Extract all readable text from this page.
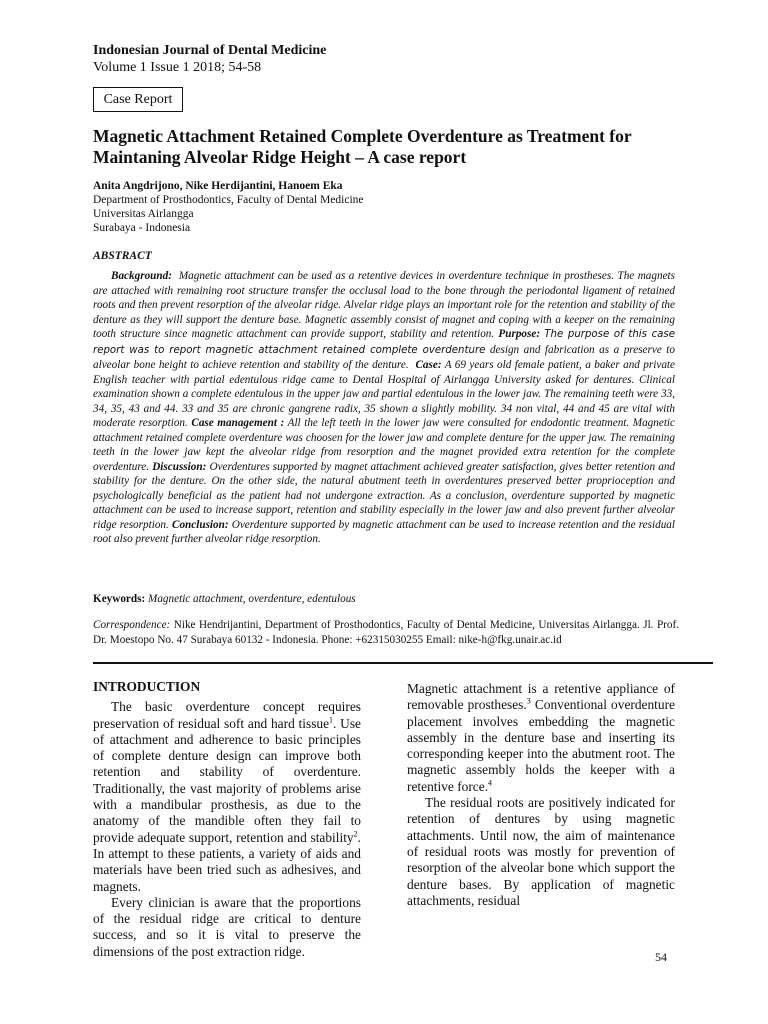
Indonesian Journal of Dental Medicine
Volume 1 Issue 1 2018; 54-58
Case Report
Magnetic Attachment Retained Complete Overdenture as Treatment for Maintaning Alveolar Ridge Height – A case report
Anita Angdrijono, Nike Herdijantini, Hanoem Eka
Department of Prosthodontics, Faculty of Dental Medicine
Universitas Airlangga
Surabaya - Indonesia
ABSTRACT
Background: Magnetic attachment can be used as a retentive devices in overdenture technique in prostheses. The magnets are attached with remaining root structure transfer the occlusal load to the bone through the periodontal ligament of retained roots and then prevent resorption of the alveolar ridge. Alvelar ridge plays an important role for the retention and stability of the denture as they will support the denture base. Magnetic assembly consist of magnet and coping with a keeper on the remaining tooth structure since magnetic attachment can provide support, stability and retention. Purpose: The purpose of this case report was to report magnetic attachment retained complete overdenture design and fabrication as a preserve to alveolar bone height to achieve retention and stability of the denture. Case: A 69 years old female patient, a baker and private English teacher with partial edentulous ridge came to Dental Hospital of Airlangga University asked for dentures. Clinical examination shown a complete edentulous in the upper jaw and partial edentulous in the lower jaw. The remaining teeth were 33, 34, 35, 43 and 44. 33 and 35 are chronic gangrene radix, 35 shown a slightly mobility. 34 non vital, 44 and 45 are vital with moderate resorption. Case management : All the left teeth in the lower jaw were consulted for endodontic treatment. Magnetic attachment retained complete overdenture was choosen for the lower jaw and complete denture for the upper jaw. The remaining teeth in the lower jaw kept the alveolar ridge from resorption and the magnet provided extra retention for the complete overdenture. Discussion: Overdentures supported by magnet attachment achieved greater satisfaction, gives better retention and stability for the denture. On the other side, the natural abutment teeth in overdentures preserved better proprioception and psychologically beneficial as the patient had not undergone extraction. As a conclusion, overdenture supported by magnetic attachment can be used to increase support, retention and stability especially in the lower jaw and also prevent further alveolar ridge resorption. Conclusion: Overdenture supported by magnetic attachment can be used to increase retention and the residual root also prevent further alveolar ridge resorption.
Keywords: Magnetic attachment, overdenture, edentulous
Correspondence: Nike Hendrijantini, Department of Prosthodontics, Faculty of Dental Medicine, Universitas Airlangga. Jl. Prof. Dr. Moestopo No. 47 Surabaya 60132 - Indonesia. Phone: +62315030255 Email: nike-h@fkg.unair.ac.id
INTRODUCTION

The basic overdenture concept requires preservation of residual soft and hard tissue$^1$. Use of attachment and adherence to basic principles of complete denture design can improve both retention and stability of overdenture. Traditionally, the vast majority of problems arise with a mandibular prosthesis, as due to the anatomy of the mandible often they fail to provide adequate support, retention and stability$^2$. In attempt to these patients, a variety of aids and materials have been tried such as adhesives, and magnets.

Every clinician is aware that the proportions of the residual ridge are critical to denture success, and so it is vital to preserve the dimensions of the post extraction ridge.

Magnetic attachment is a retentive appliance of removable prostheses.$^3$ Conventional overdenture placement involves embedding the magnetic assembly in the denture base and inserting its corresponding keeper into the abutment root. The magnetic assembly holds the keeper with a retentive force.$^4$

The residual roots are positively indicated for retention of dentures by using magnetic attachments. Until now, the aim of maintenance of residual roots was mostly for prevention of resorption of the alveolar bone which support the denture bases. By application of magnetic attachments, residual

54
